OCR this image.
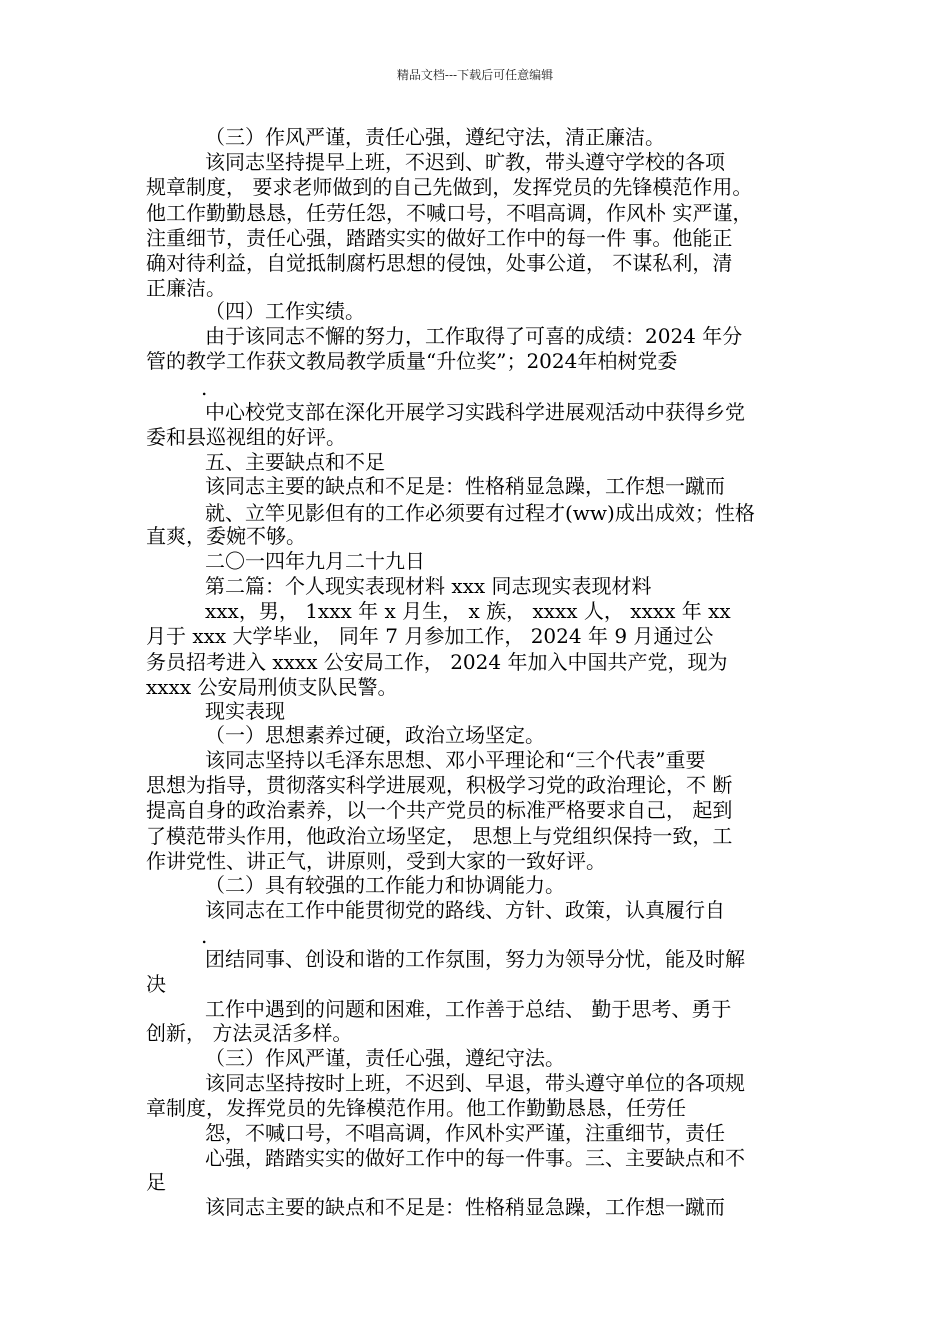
精品文档---下载后可任意编辑
（三）作风严谨，责任心强，遵纪守法，清正廉洁。
该同志坚持提早上班，不迟到、旷教，带头遵守学校的各项
规章制度， 要求老师做到的自己先做到，发挥党员的先锋模范作用。
他工作勤勤恳恳，任劳任怨，不喊口号，不唱高调，作风朴 实严谨，
注重细节，责任心强，踏踏实实的做好工作中的每一件 事。他能正
确对待利益，自觉抵制腐朽思想的侵蚀，处事公道， 不谋私利，清
正廉洁。
（四）工作实绩。
由于该同志不懈的努力，工作取得了可喜的成绩：2024 年分
管的教学工作获文教局教学质量“升位奖”；2024年柏树党委
.
中心校党支部在深化开展学习实践科学进展观活动中获得乡党
委和县巡视组的好评。
五、主要缺点和不足
该同志主要的缺点和不足是：性格稍显急躁，工作想一蹴而
就、立竿见影但有的工作必须要有过程才(ww)成出成效；性格
直爽，委婉不够。
二〇一四年九月二十九日
第二篇：个人现实表现材料 xxx 同志现实表现材料
xxx，男， 1xxx 年 x 月生， x 族， xxxx 人， xxxx 年 xx
月于 xxx 大学毕业， 同年 7 月参加工作， 2024 年 9 月通过公
务员招考进入 xxxx 公安局工作， 2024 年加入中国共产党，现为
xxxx 公安局刑侦支队民警。
现实表现
（一）思想素养过硬，政治立场坚定。
该同志坚持以毛泽东思想、邓小平理论和“三个代表”重要
思想为指导，贯彻落实科学进展观，积极学习党的政治理论，不 断
提高自身的政治素养，以一个共产党员的标准严格要求自己， 起到
了模范带头作用，他政治立场坚定， 思想上与党组织保持一致，工
作讲党性、讲正气，讲原则，受到大家的一致好评。
（二）具有较强的工作能力和协调能力。
该同志在工作中能贯彻党的路线、方针、政策，认真履行自
.
团结同事、创设和谐的工作氛围，努力为领导分忧，能及时解
决
工作中遇到的问题和困难，工作善于总结、 勤于思考、勇于
创新， 方法灵活多样。
（三）作风严谨，责任心强，遵纪守法。
该同志坚持按时上班，不迟到、早退，带头遵守单位的各项规
章制度，发挥党员的先锋模范作用。他工作勤勤恳恳，任劳任
怨，不喊口号，不唱高调，作风朴实严谨，注重细节，责任
心强，踏踏实实的做好工作中的每一件事。三、主要缺点和不
足
该同志主要的缺点和不足是：性格稍显急躁，工作想一蹴而
